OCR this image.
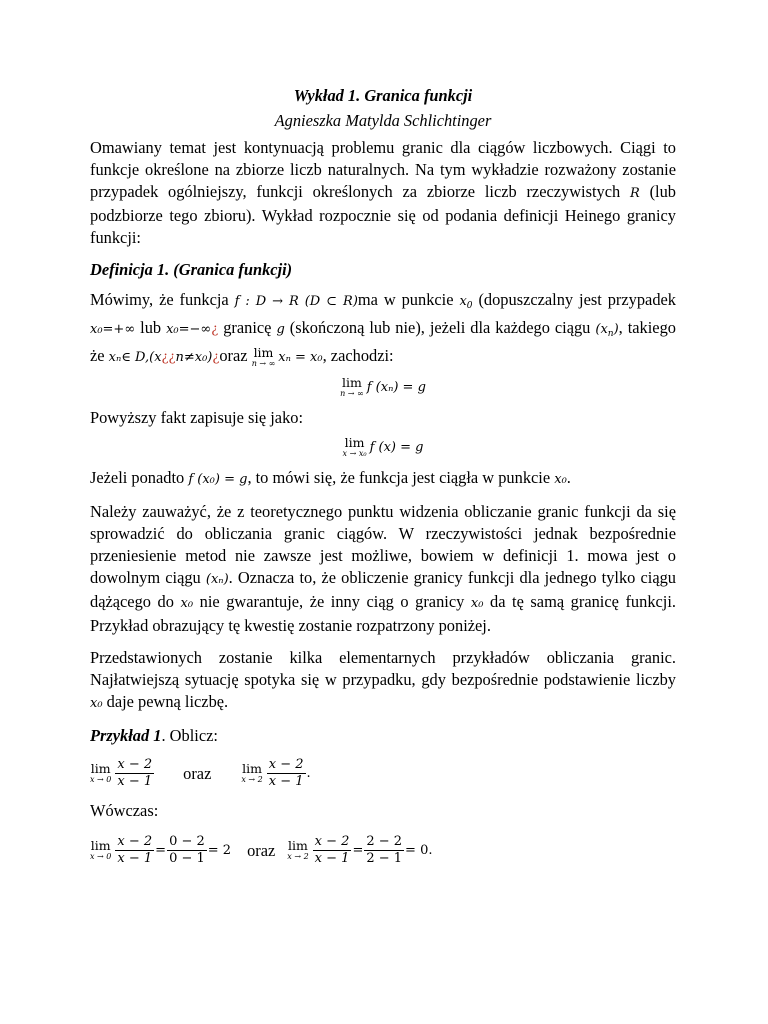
Wykład 1. Granica funkcji
Agnieszka Matylda Schlichtinger

Omawiany temat jest kontynuacją problemu granic dla ciągów liczbowych. Ciągi to funkcje określone na zbiorze liczb naturalnych. Na tym wykładzie rozważony zostanie przypadek ogólniejszy, funkcji określonych za zbiorze liczb rzeczywistych R (lub podzbiorze tego zbioru). Wykład rozpocznie się od podania definicji Heinego granicy funkcji:

Definicja 1. (Granica funkcji)

Mówimy, że funkcja f : D → R (D ⊂ R)ma w punkcie $x_0$ (dopuszczalny jest przypadek x₀=+∞ lub x₀=−∞¿ granicę g (skończoną lub nie), jeżeli dla każdego ciągu $(x_n)$, takiego że xₙ∈ D,(x¿¿n≠x₀)¿oraz lim
n → ∞ xₙ = x₀, zachodzi:

lim
n → ∞ f (xₙ) = g

Powyższy fakt zapisuje się jako:

lim
x → x₀ f (x) = g

Jeżeli ponadto f (x₀) = g, to mówi się, że funkcja jest ciągła w punkcie x₀.

Należy zauważyć, że z teoretycznego punktu widzenia obliczanie granic funkcji da się sprowadzić do obliczania granic ciągów. W rzeczywistości jednak bezpośrednie przeniesienie metod nie zawsze jest możliwe, bowiem w definicji 1. mowa jest o dowolnym ciągu (xₙ). Oznacza to, że obliczenie granicy funkcji dla jednego tylko ciągu dążącego do x₀ nie gwarantuje, że inny ciąg o granicy x₀ da tę samą granicę funkcji. Przykład obrazujący tę kwestię zostanie rozpatrzony poniżej.

Przedstawionych zostanie kilka elementarnych przykładów obliczania granic. Najłatwiejszą sytuację spotyka się w przypadku, gdy bezpośrednie podstawienie liczby x₀ daje pewną liczbę.

Przykład 1. Oblicz:

lim
$x \to 0 \frac{x - 2}{x - 1}$ oraz lim
$x \to 2 \frac{x - 2}{x - 1}$ .

Wówczas:

lim
$x \to 0 \frac{x - 2}{x - 1} = \frac{0 - 2}{0 - 1} = 2$ oraz lim
$x \to 2 \frac{x - 2}{x - 1} = \frac{2 - 2}{2 - 1} = 0$.
